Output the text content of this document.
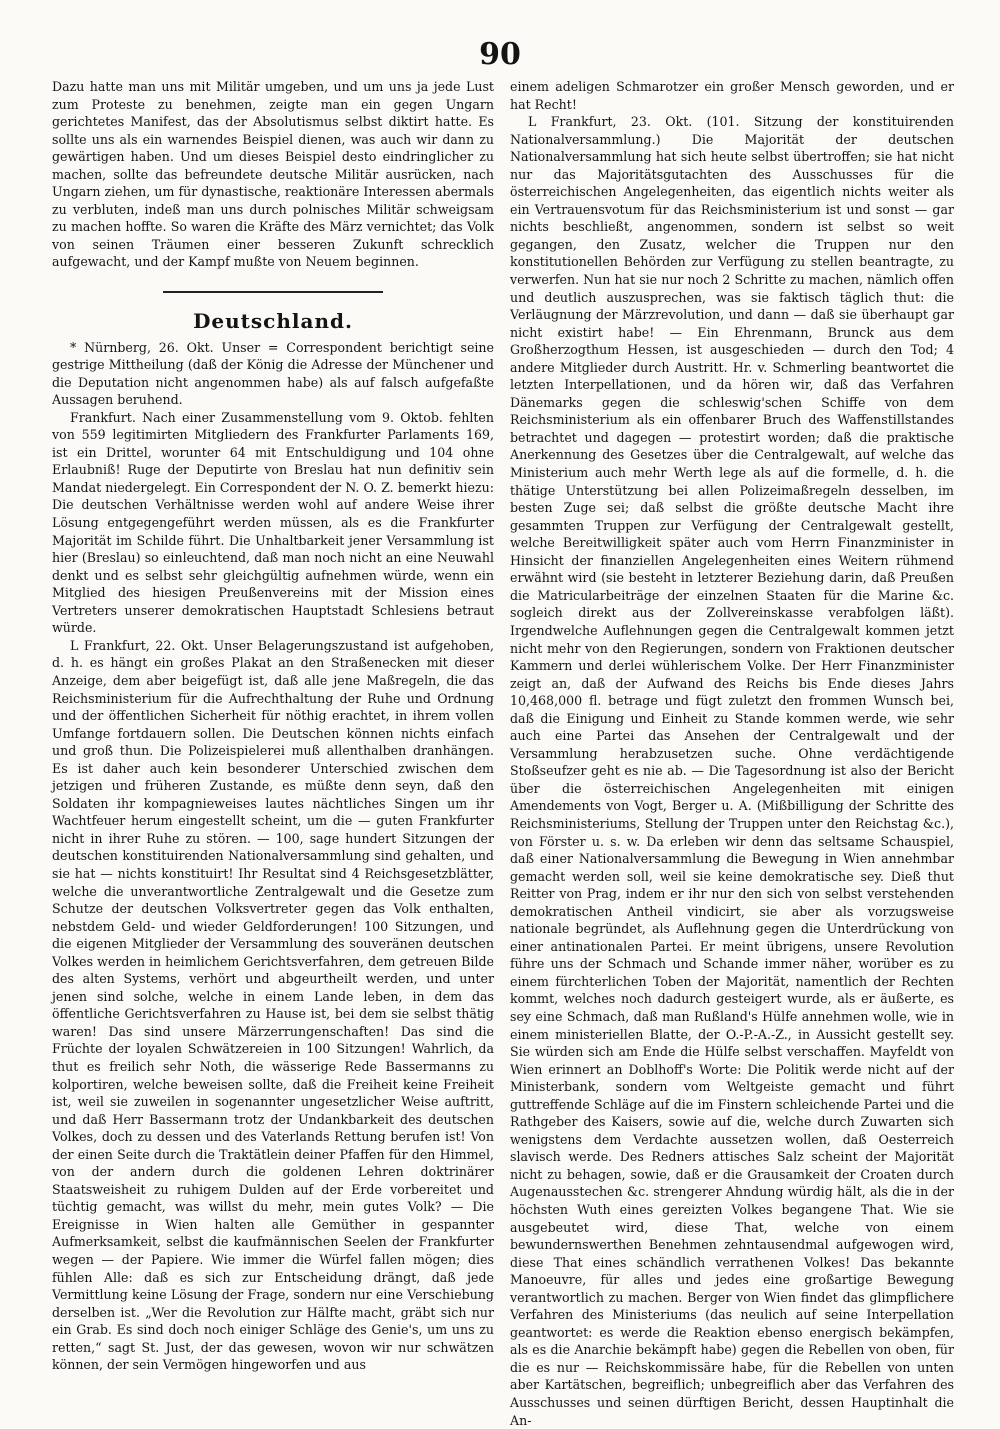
90

Dazu hatte man uns mit Militär umgeben, und um uns ja jede Lust zum Proteste zu benehmen, zeigte man ein gegen Ungarn gerichtetes Manifest, das der Absolutismus selbst diktirt hatte. Es sollte uns als ein warnendes Beispiel dienen, was auch wir dann zu gewärtigen haben. Und um dieses Beispiel desto eindringlicher zu machen, sollte das befreundete deutsche Militär ausrücken, nach Ungarn ziehen, um für dynastische, reaktionäre Interessen abermals zu verbluten, indeß man uns durch polnisches Militär schweigsam zu machen hoffte. So waren die Kräfte des März vernichtet; das Volk von seinen Träumen einer besseren Zukunft schrecklich aufgewacht, und der Kampf mußte von Neuem beginnen.

Deutschland.

* Nürnberg, 26. Okt. Unser = Correspondent berichtigt seine gestrige Mittheilung (daß der König die Adresse der Münchener und die Deputation nicht angenommen habe) als auf falsch aufgefaßte Aussagen beruhend.

Frankfurt. Nach einer Zusammenstellung vom 9. Oktob. fehlten von 559 legitimirten Mitgliedern des Frankfurter Parlaments 169, ist ein Drittel, worunter 64 mit Entschuldigung und 104 ohne Erlaubniß! Ruge der Deputirte von Breslau hat nun definitiv sein Mandat niedergelegt. Ein Correspondent der N. O. Z. bemerkt hiezu: Die deutschen Verhältnisse werden wohl auf andere Weise ihrer Lösung entgegengeführt werden müssen, als es die Frankfurter Majorität im Schilde führt. Die Unhaltbarkeit jener Versammlung ist hier (Breslau) so einleuchtend, daß man noch nicht an eine Neuwahl denkt und es selbst sehr gleichgültig aufnehmen würde, wenn ein Mitglied des hiesigen Preußenvereins mit der Mission eines Vertreters unserer demokratischen Hauptstadt Schlesiens betraut würde.

L Frankfurt, 22. Okt. Unser Belagerungszustand ist aufgehoben, d. h. es hängt ein großes Plakat an den Straßenecken mit dieser Anzeige, dem aber beigefügt ist, daß alle jene Maßregeln, die das Reichsministerium für die Aufrechthaltung der Ruhe und Ordnung und der öffentlichen Sicherheit für nöthig erachtet, in ihrem vollen Umfange fortdauern sollen. Die Deutschen können nichts einfach und groß thun. Die Polizeispielerei muß allenthalben dranhängen. Es ist daher auch kein besonderer Unterschied zwischen dem jetzigen und früheren Zustande, es müßte denn seyn, daß den Soldaten ihr kompagnieweises lautes nächtliches Singen um ihr Wachtfeuer herum eingestellt scheint, um die — guten Frankfurter nicht in ihrer Ruhe zu stören. — 100, sage hundert Sitzungen der deutschen konstituirenden Nationalversammlung sind gehalten, und sie hat — nichts konstituirt! Ihr Resultat sind 4 Reichsgesetzblätter, welche die unverantwortliche Zentralgewalt und die Gesetze zum Schutze der deutschen Volksvertreter gegen das Volk enthalten, nebstdem Geld- und wieder Geldforderungen! 100 Sitzungen, und die eigenen Mitglieder der Versammlung des souveränen deutschen Volkes werden in heimlichem Gerichtsverfahren, dem getreuen Bilde des alten Systems, verhört und abgeurtheilt werden, und unter jenen sind solche, welche in einem Lande leben, in dem das öffentliche Gerichtsverfahren zu Hause ist, bei dem sie selbst thätig waren! Das sind unsere Märzerrungenschaften! Das sind die Früchte der loyalen Schwätzereien in 100 Sitzungen! Wahrlich, da thut es freilich sehr Noth, die wässerige Rede Bassermanns zu kolportiren, welche beweisen sollte, daß die Freiheit keine Freiheit ist, weil sie zuweilen in sogenannter ungesetzlicher Weise auftritt, und daß Herr Bassermann trotz der Undankbarkeit des deutschen Volkes, doch zu dessen und des Vaterlands Rettung berufen ist! Von der einen Seite durch die Traktätlein deiner Pfaffen für den Himmel, von der andern durch die goldenen Lehren doktrinärer Staatsweisheit zu ruhigem Dulden auf der Erde vorbereitet und tüchtig gemacht, was willst du mehr, mein gutes Volk? — Die Ereignisse in Wien halten alle Gemüther in gespannter Aufmerksamkeit, selbst die kaufmännischen Seelen der Frankfurter wegen — der Papiere. Wie immer die Würfel fallen mögen; dies fühlen Alle: daß es sich zur Entscheidung drängt, daß jede Vermittlung keine Lösung der Frage, sondern nur eine Verschiebung derselben ist. „Wer die Revolution zur Hälfte macht, gräbt sich nur ein Grab. Es sind doch noch einiger Schläge des Genie's, um uns zu retten,“ sagt St. Just, der das gewesen, wovon wir nur schwätzen können, der sein Vermögen hingeworfen und aus

einem adeligen Schmarotzer ein großer Mensch geworden, und er hat Recht!

L Frankfurt, 23. Okt. (101. Sitzung der konstituirenden Nationalversammlung.) Die Majorität der deutschen Nationalversammlung hat sich heute selbst übertroffen; sie hat nicht nur das Majoritätsgutachten des Ausschusses für die österreichischen Angelegenheiten, das eigentlich nichts weiter als ein Vertrauensvotum für das Reichsministerium ist und sonst — gar nichts beschließt, angenommen, sondern ist selbst so weit gegangen, den Zusatz, welcher die Truppen nur den konstitutionellen Behörden zur Verfügung zu stellen beantragte, zu verwerfen. Nun hat sie nur noch 2 Schritte zu machen, nämlich offen und deutlich auszusprechen, was sie faktisch täglich thut: die Verläugnung der Märzrevolution, und dann — daß sie überhaupt gar nicht existirt habe! — Ein Ehrenmann, Brunck aus dem Großherzogthum Hessen, ist ausgeschieden — durch den Tod; 4 andere Mitglieder durch Austritt. Hr. v. Schmerling beantwortet die letzten Interpellationen, und da hören wir, daß das Verfahren Dänemarks gegen die schleswig'schen Schiffe von dem Reichsministerium als ein offenbarer Bruch des Waffenstillstandes betrachtet und dagegen — protestirt worden; daß die praktische Anerkennung des Gesetzes über die Centralgewalt, auf welche das Ministerium auch mehr Werth lege als auf die formelle, d. h. die thätige Unterstützung bei allen Polizeimaßregeln desselben, im besten Zuge sei; daß selbst die größte deutsche Macht ihre gesammten Truppen zur Verfügung der Centralgewalt gestellt, welche Bereitwilligkeit später auch vom Herrn Finanzminister in Hinsicht der finanziellen Angelegenheiten eines Weitern rühmend erwähnt wird (sie besteht in letzterer Beziehung darin, daß Preußen die Matricularbeiträge der einzelnen Staaten für die Marine &c. sogleich direkt aus der Zollvereinskasse verabfolgen läßt). Irgendwelche Auflehnungen gegen die Centralgewalt kommen jetzt nicht mehr von den Regierungen, sondern von Fraktionen deutscher Kammern und derlei wühlerischem Volke. Der Herr Finanzminister zeigt an, daß der Aufwand des Reichs bis Ende dieses Jahrs 10,468,000 fl. betrage und fügt zuletzt den frommen Wunsch bei, daß die Einigung und Einheit zu Stande kommen werde, wie sehr auch eine Partei das Ansehen der Centralgewalt und der Versammlung herabzusetzen suche. Ohne verdächtigende Stoßseufzer geht es nie ab. — Die Tagesordnung ist also der Bericht über die österreichischen Angelegenheiten mit einigen Amendements von Vogt, Berger u. A. (Mißbilligung der Schritte des Reichsministeriums, Stellung der Truppen unter den Reichstag &c.), von Förster u. s. w. Da erleben wir denn das seltsame Schauspiel, daß einer Nationalversammlung die Bewegung in Wien annehmbar gemacht werden soll, weil sie keine demokratische sey. Dieß thut Reitter von Prag, indem er ihr nur den sich von selbst verstehenden demokratischen Antheil vindicirt, sie aber als vorzugsweise nationale begründet, als Auflehnung gegen die Unterdrückung von einer antinationalen Partei. Er meint übrigens, unsere Revolution führe uns der Schmach und Schande immer näher, worüber es zu einem fürchterlichen Toben der Majorität, namentlich der Rechten kommt, welches noch dadurch gesteigert wurde, als er äußerte, es sey eine Schmach, daß man Rußland's Hülfe annehmen wolle, wie in einem ministeriellen Blatte, der O.-P.-A.-Z., in Aussicht gestellt sey. Sie würden sich am Ende die Hülfe selbst verschaffen. Mayfeldt von Wien erinnert an Doblhoff's Worte: Die Politik werde nicht auf der Ministerbank, sondern vom Weltgeiste gemacht und führt guttreffende Schläge auf die im Finstern schleichende Partei und die Rathgeber des Kaisers, sowie auf die, welche durch Zuwarten sich wenigstens dem Verdachte aussetzen wollen, daß Oesterreich slavisch werde. Des Redners attisches Salz scheint der Majorität nicht zu behagen, sowie, daß er die Grausamkeit der Croaten durch Augenausstechen &c. strengerer Ahndung würdig hält, als die in der höchsten Wuth eines gereizten Volkes begangene That. Wie sie ausgebeutet wird, diese That, welche von einem bewundernswerthen Benehmen zehntausendmal aufgewogen wird, diese That eines schändlich verrathenen Volkes! Das bekannte Manoeuvre, für alles und jedes eine großartige Bewegung verantwortlich zu machen. Berger von Wien findet das glimpflichere Verfahren des Ministeriums (das neulich auf seine Interpellation geantwortet: es werde die Reaktion ebenso energisch bekämpfen, als es die Anarchie bekämpft habe) gegen die Rebellen von oben, für die es nur — Reichskommissäre habe, für die Rebellen von unten aber Kartätschen, begreiflich; unbegreiflich aber das Verfahren des Ausschusses und seinen dürftigen Bericht, dessen Hauptinhalt die An-
